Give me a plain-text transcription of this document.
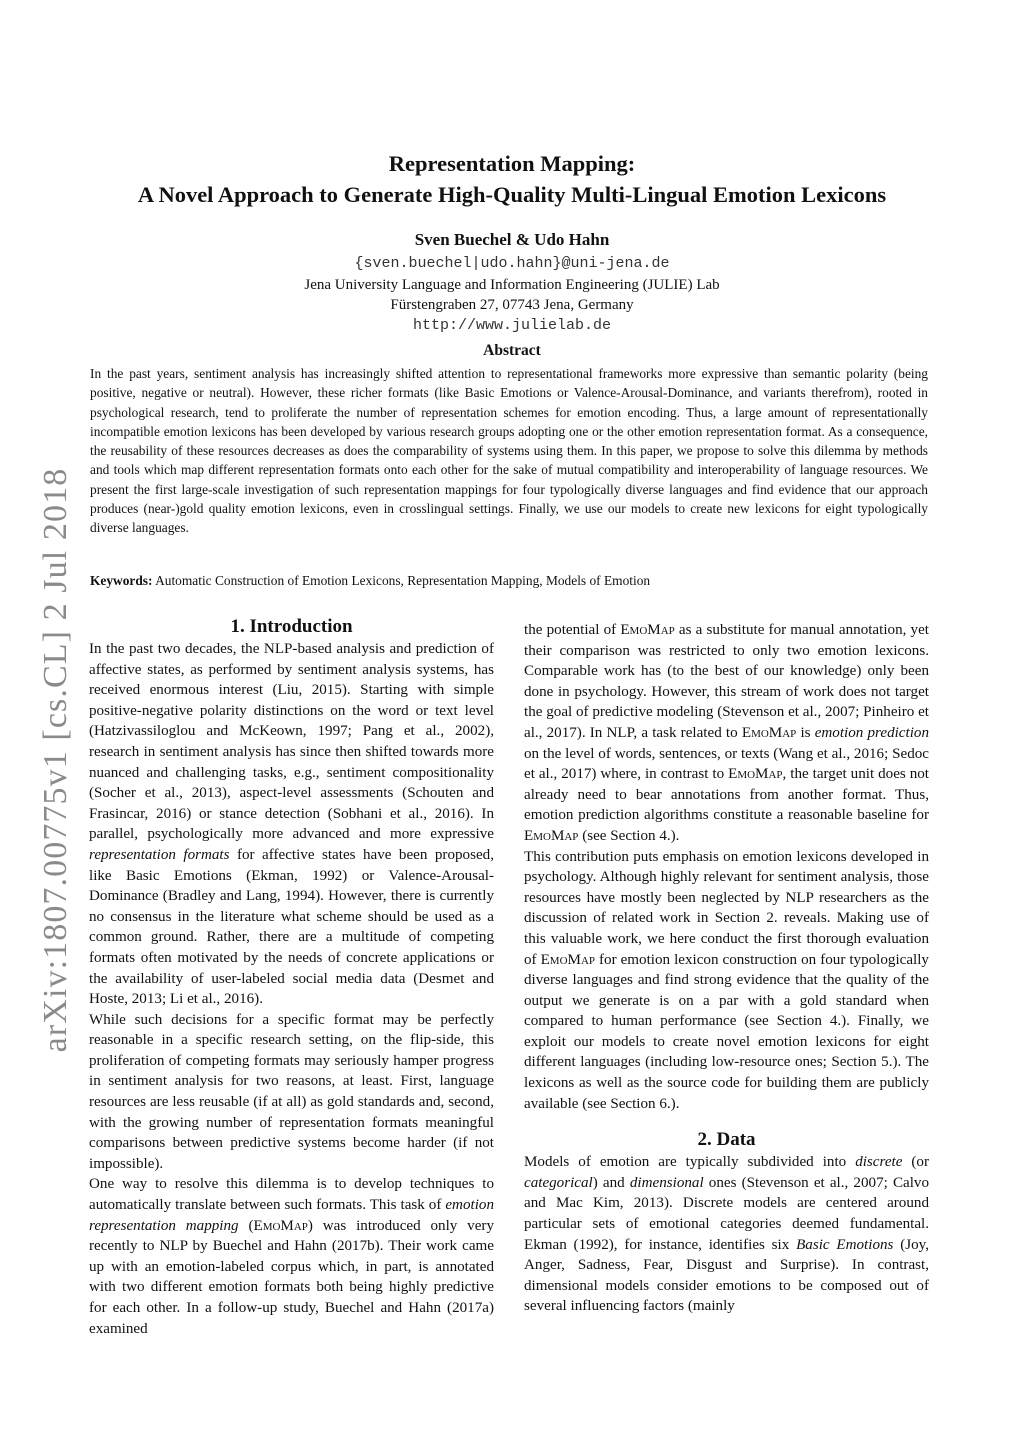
arXiv:1807.00775v1 [cs.CL] 2 Jul 2018
Representation Mapping:
A Novel Approach to Generate High-Quality Multi-Lingual Emotion Lexicons

Sven Buechel & Udo Hahn

{sven.buechel|udo.hahn}@uni-jena.de

Jena University Language and Information Engineering (JULIE) Lab

Fürstengraben 27, 07743 Jena, Germany

http://www.julielab.de

Abstract

In the past years, sentiment analysis has increasingly shifted attention to representational frameworks more expressive than semantic polarity (being positive, negative or neutral). However, these richer formats (like Basic Emotions or Valence-Arousal-Dominance, and variants therefrom), rooted in psychological research, tend to proliferate the number of representation schemes for emotion encoding. Thus, a large amount of representationally incompatible emotion lexicons has been developed by various research groups adopting one or the other emotion representation format. As a consequence, the reusability of these resources decreases as does the comparability of systems using them. In this paper, we propose to solve this dilemma by methods and tools which map different representation formats onto each other for the sake of mutual compatibility and interoperability of language resources. We present the first large-scale investigation of such representation mappings for four typologically diverse languages and find evidence that our approach produces (near-)gold quality emotion lexicons, even in crosslingual settings. Finally, we use our models to create new lexicons for eight typologically diverse languages.

Keywords: Automatic Construction of Emotion Lexicons, Representation Mapping, Models of Emotion

1. Introduction

In the past two decades, the NLP-based analysis and prediction of affective states, as performed by sentiment analysis systems, has received enormous interest (Liu, 2015). Starting with simple positive-negative polarity distinctions on the word or text level (Hatzivassiloglou and McKeown, 1997; Pang et al., 2002), research in sentiment analysis has since then shifted towards more nuanced and challenging tasks, e.g., sentiment compositionality (Socher et al., 2013), aspect-level assessments (Schouten and Frasincar, 2016) or stance detection (Sobhani et al., 2016). In parallel, psychologically more advanced and more expressive representation formats for affective states have been proposed, like Basic Emotions (Ekman, 1992) or Valence-Arousal-Dominance (Bradley and Lang, 1994). However, there is currently no consensus in the literature what scheme should be used as a common ground. Rather, there are a multitude of competing formats often motivated by the needs of concrete applications or the availability of user-labeled social media data (Desmet and Hoste, 2013; Li et al., 2016).

While such decisions for a specific format may be perfectly reasonable in a specific research setting, on the flip-side, this proliferation of competing formats may seriously hamper progress in sentiment analysis for two reasons, at least. First, language resources are less reusable (if at all) as gold standards and, second, with the growing number of representation formats meaningful comparisons between predictive systems become harder (if not impossible).

One way to resolve this dilemma is to develop techniques to automatically translate between such formats. This task of emotion representation mapping (EmoMap) was introduced only very recently to NLP by Buechel and Hahn (2017b). Their work came up with an emotion-labeled corpus which, in part, is annotated with two different emotion formats both being highly predictive for each other. In a follow-up study, Buechel and Hahn (2017a) examined

the potential of EmoMap as a substitute for manual annotation, yet their comparison was restricted to only two emotion lexicons. Comparable work has (to the best of our knowledge) only been done in psychology. However, this stream of work does not target the goal of predictive modeling (Stevenson et al., 2007; Pinheiro et al., 2017). In NLP, a task related to EmoMap is emotion prediction on the level of words, sentences, or texts (Wang et al., 2016; Sedoc et al., 2017) where, in contrast to EmoMap, the target unit does not already need to bear annotations from another format. Thus, emotion prediction algorithms constitute a reasonable baseline for EmoMap (see Section 4.).

This contribution puts emphasis on emotion lexicons developed in psychology. Although highly relevant for sentiment analysis, those resources have mostly been neglected by NLP researchers as the discussion of related work in Section 2. reveals. Making use of this valuable work, we here conduct the first thorough evaluation of EmoMap for emotion lexicon construction on four typologically diverse languages and find strong evidence that the quality of the output we generate is on a par with a gold standard when compared to human performance (see Section 4.). Finally, we exploit our models to create novel emotion lexicons for eight different languages (including low-resource ones; Section 5.). The lexicons as well as the source code for building them are publicly available (see Section 6.).

2. Data

Models of emotion are typically subdivided into discrete (or categorical) and dimensional ones (Stevenson et al., 2007; Calvo and Mac Kim, 2013). Discrete models are centered around particular sets of emotional categories deemed fundamental. Ekman (1992), for instance, identifies six Basic Emotions (Joy, Anger, Sadness, Fear, Disgust and Surprise). In contrast, dimensional models consider emotions to be composed out of several influencing factors (mainly
